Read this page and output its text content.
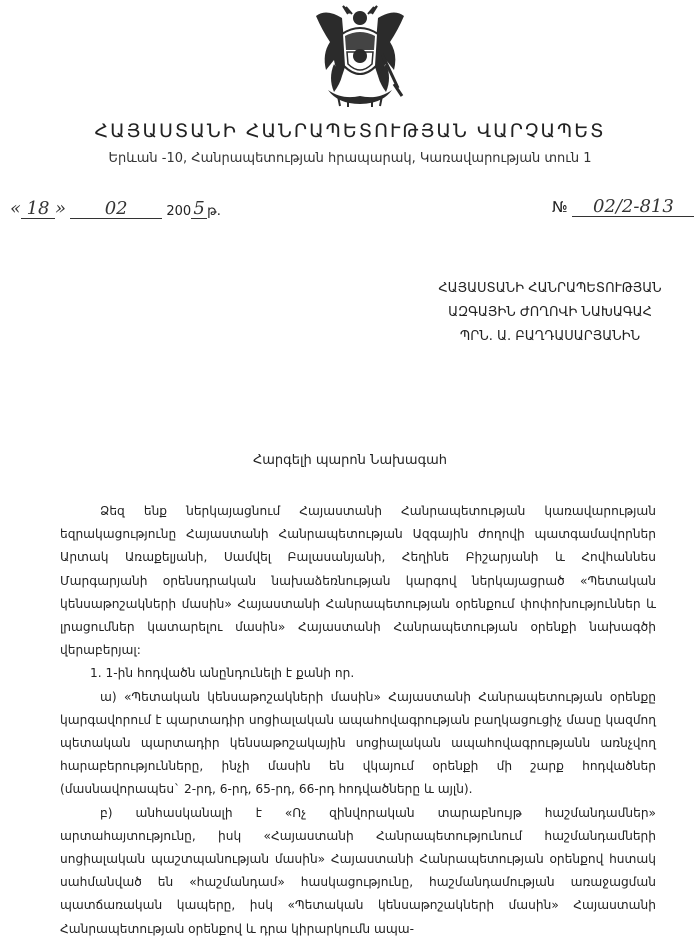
ՀԱՅԱՍՏԱՆԻ ՀԱՆՐԱՊԵՏՈՒԹՅԱՆ ՎԱՐՉԱՊԵՏ
Երևան -10, Հանրապետության հրապարակ, Կառավարության տուն 1
« 18 » 02	200 5 թ.	№ 02/2-813
ՀԱՅԱՍՏԱՆԻ ՀԱՆՐԱՊԵՏՈՒԹՅԱՆ
ԱԶԳԱՅԻՆ ԺՈՂՈՎԻ ՆԱԽԱԳԱՀ
ՊՐՆ. Ա. ԲԱՂԴԱՍԱՐՅԱՆԻՆ
Հարգելի պարոն Նախագահ

Ձեզ ենք ներկայացնում Հայաստանի Հանրապետության կառավարության եզրակացությունը Հայաստանի Հանրապետության Ազգային ժողովի պատգամավորներ Արտակ Առաքելյանի, Սամվել Բալասանյանի, Հեղինե Բիշարյանի և Հովհաննես Մարգարյանի օրենսդրական նախաձեռնության կարգով ներկայացրած «Պետական կենսաթոշակների մասին» Հայաստանի Հանրապետության օրենքում փոփոխություններ և լրացումներ կատարելու մասին» Հայաստանի Հանրապետության օրենքի նախագծի վերաբերյալ:

1. 1-ին հոդվածն անընդունելի է քանի որ.

ա) «Պետական կենսաթոշակների մասին» Հայաստանի Հանրապետության օրենքը կարգավորում է պարտադիր սոցիալական ապահովագրության բաղկացուցիչ մասը կազմող պետական պարտադիր կենսաթոշակային սոցիալական ապահովագրությանն առնչվող հարաբերությունները, ինչի մասին են վկայում օրենքի մի շարք հոդվածներ (մասնավորապես` 2-րդ, 6-րդ, 65-րդ, 66-րդ հոդվածները և այլն).

բ) անհասկանալի է «Ոչ զինվորական տարաբնույթ հաշմանդամներ» արտահայտությունը, իսկ «Հայաստանի Հանրապետությունում հաշմանդամների սոցիալական պաշտպանության մասին» Հայաստանի Հանրապետության օրենքով հստակ սահմանված են «հաշմանդամ» հասկացությունը, հաշմանդամության առաջացման պատճառական կապերը, իսկ «Պետական կենսաթոշակների մասին» Հայաստանի Հանրապետության օրենքով և դրա կիրարկումն ապա-
